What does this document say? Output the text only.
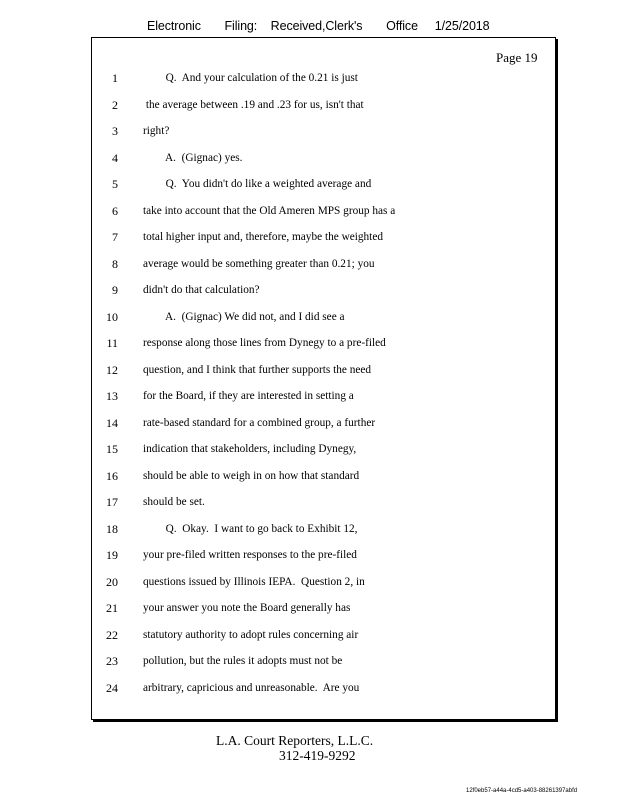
Electronic Filing: Received,Clerk's Office 1/25/2018
Page 19
1 Q.  And your calculation of the 0.21 is just
2 the average between .19 and .23 for us, isn't that
3 right?
4 A.  (Gignac) yes.
5 Q.  You didn't do like a weighted average and
6 take into account that the Old Ameren MPS group has a
7 total higher input and, therefore, maybe the weighted
8 average would be something greater than 0.21; you
9 didn't do that calculation?
10 A.  (Gignac) We did not, and I did see a
11 response along those lines from Dynegy to a pre-filed
12 question, and I think that further supports the need
13 for the Board, if they are interested in setting a
14 rate-based standard for a combined group, a further
15 indication that stakeholders, including Dynegy,
16 should be able to weigh in on how that standard
17 should be set.
18 Q.  Okay.  I want to go back to Exhibit 12,
19 your pre-filed written responses to the pre-filed
20 questions issued by Illinois IEPA.  Question 2, in
21 your answer you note the Board generally has
22 statutory authority to adopt rules concerning air
23 pollution, but the rules it adopts must not be
24 arbitrary, capricious and unreasonable.  Are you
L.A. Court Reporters, L.L.C.
312-419-9292
12f0eb57-a44a-4cd5-a403-88261397abfd
